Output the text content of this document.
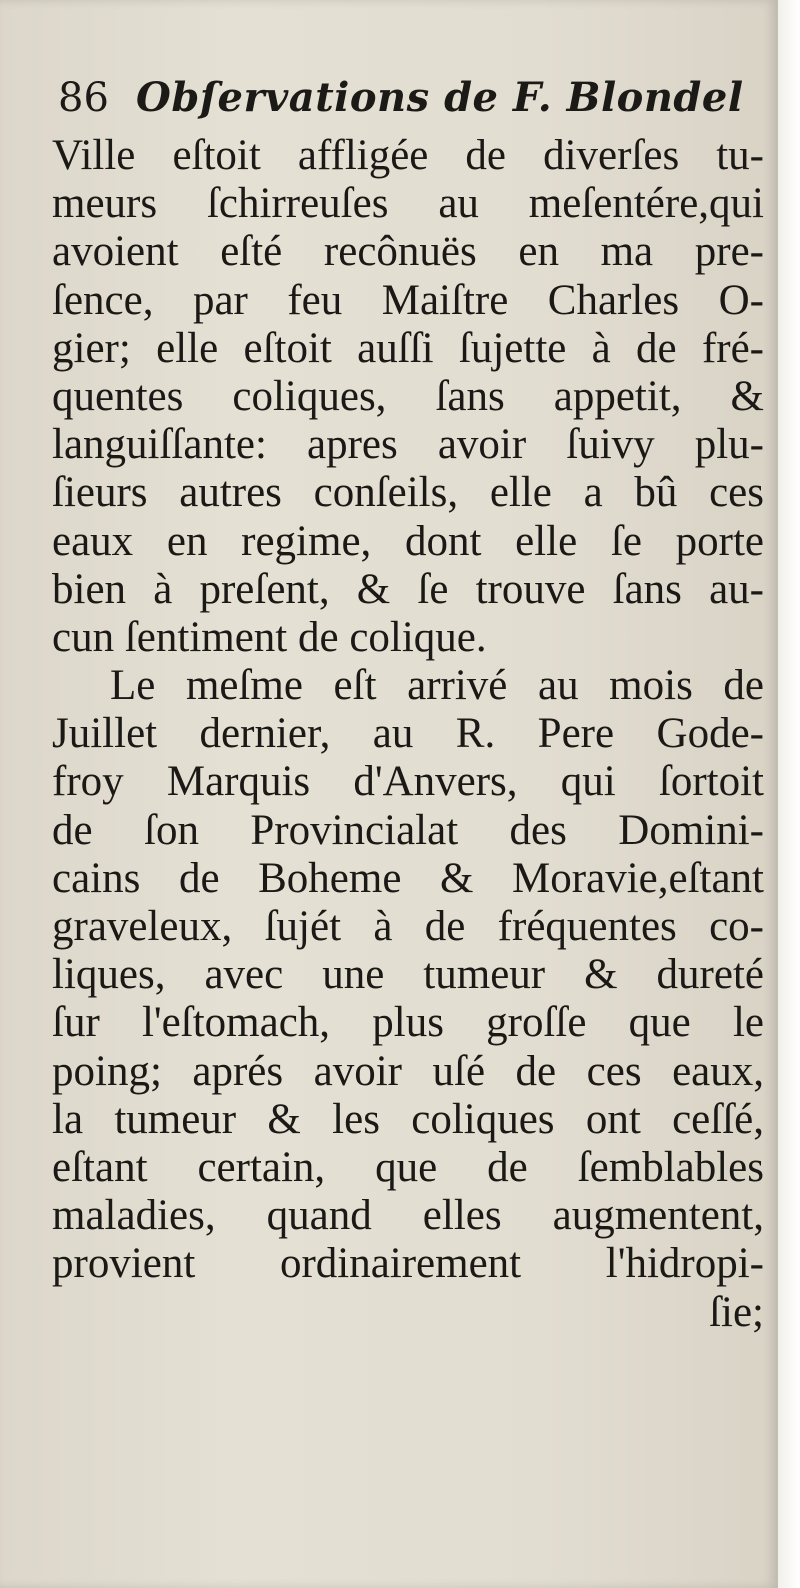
86 Obſervations de F. Blondel
Ville eſtoit affligée de diverſes tu-
meurs ſchirreuſes au meſentére,qui
avoient eſté recônuës en ma pre-
ſence, par feu Maiſtre Charles O-
gier; elle eſtoit auſſi ſujette à de fré-
quentes coliques, ſans appetit, &
languiſſante: apres avoir ſuivy plu-
ſieurs autres conſeils, elle a bû ces
eaux en regime, dont elle ſe porte
bien à preſent, & ſe trouve ſans au-
cun ſentiment de colique.
Le meſme eſt arrivé au mois de
Juillet dernier, au R. Pere Gode-
froy Marquis d'Anvers, qui ſortoit
de ſon Provincialat des Domini-
cains de Boheme & Moravie,eſtant
graveleux, ſujét à de fréquentes co-
liques, avec une tumeur & dureté
ſur l'eſtomach, plus groſſe que le
poing; aprés avoir uſé de ces eaux,
la tumeur & les coliques ont ceſſé,
eſtant certain, que de ſemblables
maladies, quand elles augmentent,
provient ordinairement l'hidropi-
ſie;
